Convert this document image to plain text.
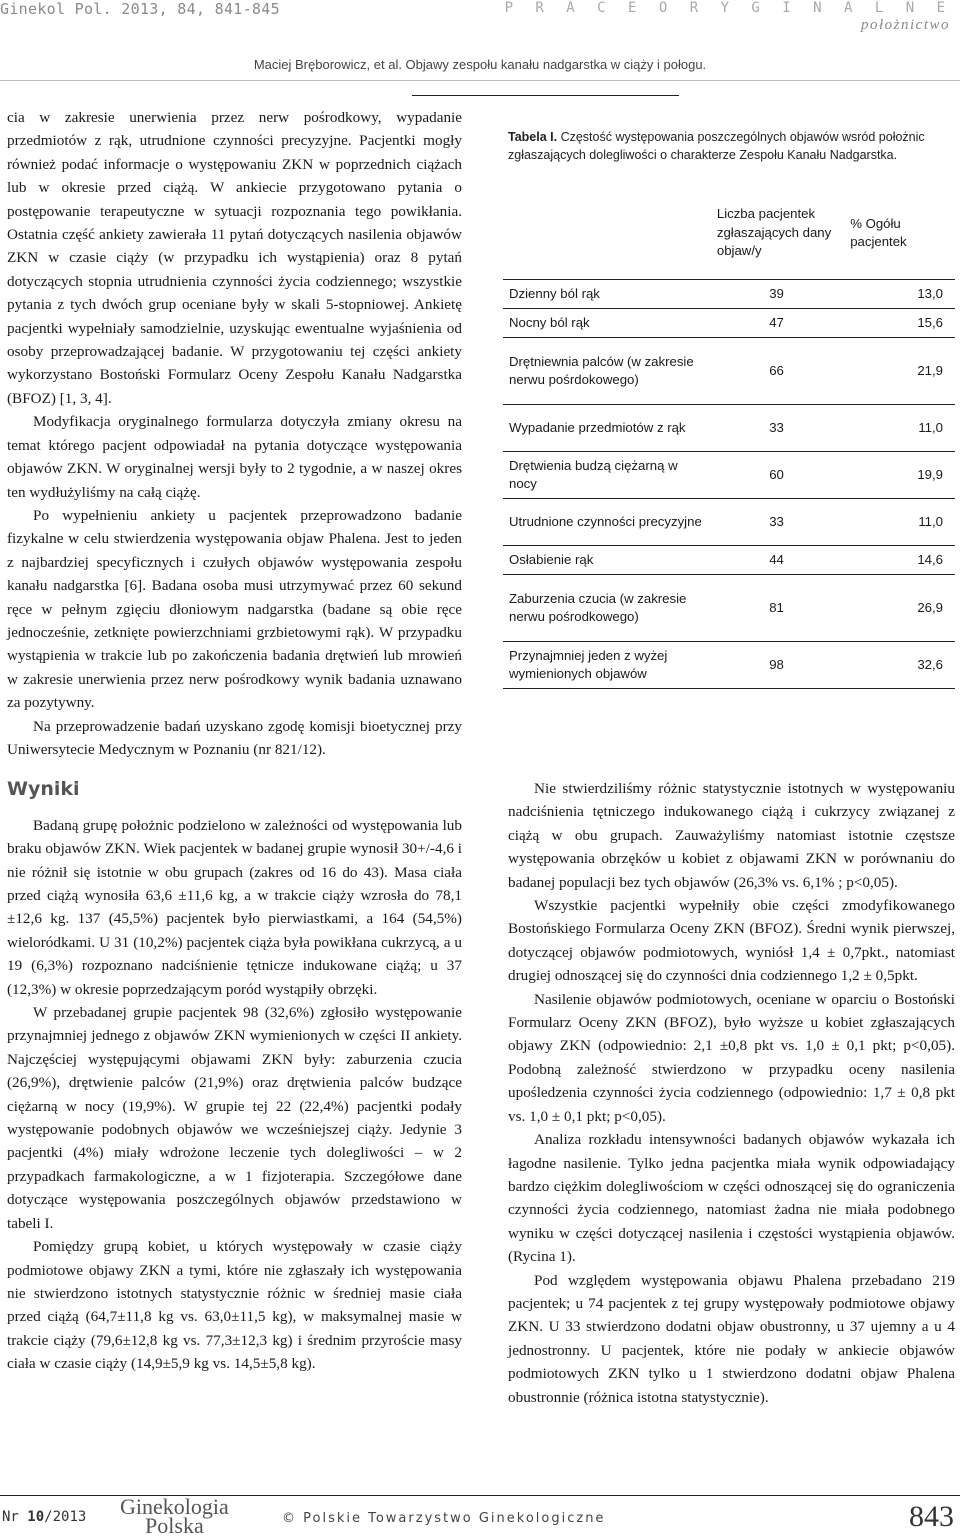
Ginekol Pol. 2013, 84, 841-845	P R A C E O R Y G I N A L N E
położnictwo
Maciej Bręborowicz, et al. Objawy zespołu kanału nadgarstka w ciąży i połogu.

cia w zakresie unerwienia przez nerw pośrodkowy, wypadanie przedmiotów z rąk, utrudnione czynności precyzyjne. Pacjentki mogły również podać informacje o występowaniu ZKN w poprzednich ciążach lub w okresie przed ciążą. W ankiecie przygotowano pytania o postępowanie terapeutyczne w sytuacji rozpoznania tego powikłania. Ostatnia część ankiety zawierała 11 pytań dotyczących nasilenia objawów ZKN w czasie ciąży (w przypadku ich wystąpienia) oraz 8 pytań dotyczących stopnia utrudnienia czynności życia codziennego; wszystkie pytania z tych dwóch grup oceniane były w skali 5-stopniowej. Ankietę pacjentki wypełniały samodzielnie, uzyskując ewentualne wyjaśnienia od osoby przeprowadzającej badanie. W przygotowaniu tej części ankiety wykorzystano Bostoński Formularz Oceny Zespołu Kanału Nadgarstka (BFOZ) [1, 3, 4].

Modyfikacja oryginalnego formularza dotyczyła zmiany okresu na temat którego pacjent odpowiadał na pytania dotyczące występowania objawów ZKN. W oryginalnej wersji były to 2 tygodnie, a w naszej okres ten wydłużyliśmy na całą ciążę.

Po wypełnieniu ankiety u pacjentek przeprowadzono badanie fizykalne w celu stwierdzenia występowania objaw Phalena. Jest to jeden z najbardziej specyficznych i czułych objawów występowania zespołu kanału nadgarstka [6]. Badana osoba musi utrzymywać przez 60 sekund ręce w pełnym zgięciu dłoniowym nadgarstka (badane są obie ręce jednocześnie, zetknięte powierzchniami grzbietowymi rąk). W przypadku wystąpienia w trakcie lub po zakończenia badania drętwień lub mrowień w zakresie unerwienia przez nerw pośrodkowy wynik badania uznawano za pozytywny.

Na przeprowadzenie badań uzyskano zgodę komisji bioetycznej przy Uniwersytecie Medycznym w Poznaniu (nr 821/12).

Wyniki

Badaną grupę położnic podzielono w zależności od występowania lub braku objawów ZKN. Wiek pacjentek w badanej grupie wynosił 30+/-4,6 i nie różnił się istotnie w obu grupach (zakres od 16 do 43). Masa ciała przed ciążą wynosiła 63,6 ±11,6 kg, a w trakcie ciąży wzrosła do 78,1 ±12,6 kg. 137 (45,5%) pacjentek było pierwiastkami, a 164 (54,5%) wieloródkami. U 31 (10,2%) pacjentek ciąża była powikłana cukrzycą, a u 19 (6,3%) rozpoznano nadciśnienie tętnicze indukowane ciążą; u 37 (12,3%) w okresie poprzedzającym poród wystąpiły obrzęki.

W przebadanej grupie pacjentek 98 (32,6%) zgłosiło występowanie przynajmniej jednego z objawów ZKN wymienionych w części II ankiety. Najczęściej występującymi objawami ZKN były: zaburzenia czucia (26,9%), drętwienie palców (21,9%) oraz drętwienia palców budzące ciężarną w nocy (19,9%). W grupie tej 22 (22,4%) pacjentki podały występowanie podobnych objawów we wcześniejszej ciąży. Jedynie 3 pacjentki (4%) miały wdrożone leczenie tych dolegliwości – w 2 przypadkach farmakologiczne, a w 1 fizjoterapia. Szczegółowe dane dotyczące występowania poszczególnych objawów przedstawiono w tabeli I.

Pomiędzy grupą kobiet, u których występowały w czasie ciąży podmiotowe objawy ZKN a tymi, które nie zgłaszały ich występowania nie stwierdzono istotnych statystycznie różnic w średniej masie ciała przed ciążą (64,7±11,8 kg vs. 63,0±11,5 kg), w maksymalnej masie w trakcie ciąży (79,6±12,8 kg vs. 77,3±12,3 kg) i średnim przyroście masy ciała w czasie ciąży (14,9±5,9 kg vs. 14,5±5,8 kg).

Tabela I. Częstość występowania poszczególnych objawów wsród położnic zgłaszających dolegliwości o charakterze Zespołu Kanału Nadgarstka.
	Liczba pacjentek zgłaszających dany objaw/y	% Ogółu pacjentek
Dzienny ból rąk	39	13,0
Nocny ból rąk	47	15,6
Drętniewnia palców (w zakresie nerwu pośrdokowego)	66	21,9
Wypadanie przedmiotów z rąk	33	11,0
Drętwienia budzą ciężarną w nocy	60	19,9
Utrudnione czynności precyzyjne	33	11,0
Osłabienie rąk	44	14,6
Zaburzenia czucia (w zakresie nerwu pośrodkowego)	81	26,9
Przynajmniej jeden z wyżej wymienionych objawów	98	32,6

Nie stwierdziliśmy różnic statystycznie istotnych w występowaniu nadciśnienia tętniczego indukowanego ciążą i cukrzycy związanej z ciążą w obu grupach. Zauważyliśmy natomiast istotnie częstsze występowania obrzęków u kobiet z objawami ZKN w porównaniu do badanej populacji bez tych objawów (26,3% vs. 6,1% ; p<0,05).

Wszystkie pacjentki wypełniły obie części zmodyfikowanego Bostońskiego Formularza Oceny ZKN (BFOZ). Średni wynik pierwszej, dotyczącej objawów podmiotowych, wyniósł 1,4 ± 0,7pkt., natomiast drugiej odnoszącej się do czynności dnia codziennego 1,2 ± 0,5pkt.

Nasilenie objawów podmiotowych, oceniane w oparciu o Bostoński Formularz Oceny ZKN (BFOZ), było wyższe u kobiet zgłaszających objawy ZKN (odpowiednio: 2,1 ±0,8 pkt vs. 1,0 ± 0,1 pkt; p<0,05). Podobną zależność stwierdzono w przypadku oceny nasilenia upośledzenia czynności życia codziennego (odpowiednio: 1,7 ± 0,8 pkt vs. 1,0 ± 0,1 pkt; p<0,05).

Analiza rozkładu intensywności badanych objawów wykazała ich łagodne nasilenie. Tylko jedna pacjentka miała wynik odpowiadający bardzo ciężkim dolegliwościom w części odnoszącej się do ograniczenia czynności życia codziennego, natomiast żadna nie miała podobnego wyniku w części dotyczącej nasilenia i częstości wystąpienia objawów. (Rycina 1).

Pod względem występowania objawu Phalena przebadano 219 pacjentek; u 74 pacjentek z tej grupy występowały podmiotowe objawy ZKN. U 33 stwierdzono dodatni objaw obustronny, u 37 ujemny a u 4 jednostronny. U pacjentek, które nie podały w ankiecie objawów podmiotowych ZKN tylko u 1 stwierdzono dodatni objaw Phalena obustronnie (różnica istotna statystycznie).

Nr 10/2013 Ginekologia
Polska	© Polskie Towarzystwo Ginekologiczne	843
